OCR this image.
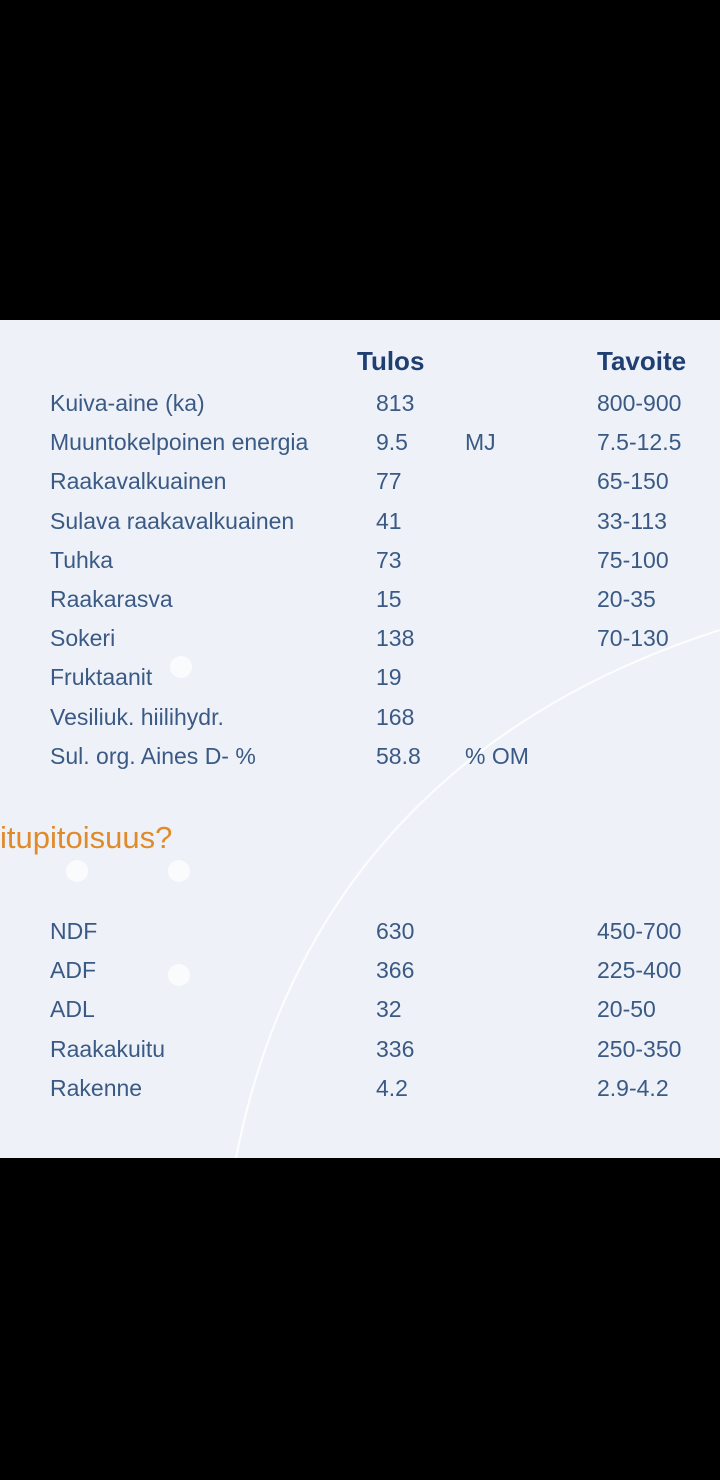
Tulos	Tavoite
Kuiva-aine (ka)	813	800-900
Muuntokelpoinen energia	9.5 MJ	7.5-12.5
Raakavalkuainen	77	65-150
Sulava raakavalkuainen	41	33-113
Tuhka	73	75-100
Raakarasva	15	20-35
Sokeri	138	70-130
Fruktaanit	19
Vesiliuk. hiilihydr.	168
Sul. org. Aines D- %	58.8 % OM
itupitoisuus?
NDF	630	450-700
ADF	366	225-400
ADL	32	20-50
Raakakuitu	336	250-350
Rakenne	4.2	2.9-4.2
